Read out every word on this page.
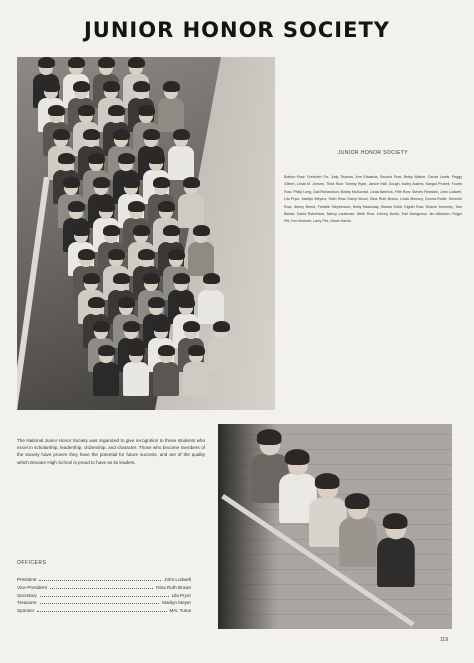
JUNIOR HONOR SOCIETY
JUNIOR HONOR SOCIETY
Bottom Row: Gretchen Orr, Judy Thomas, Ann Edwards, Second Row: Betsy Walker, Carole Lewis, Peggy Gilbert, Linda M. Jensen, Third Row: Tommy Ryan, Janice Hall, Gough, Kathy Adams, Margot Probell. Fourth Row: Philip Long, Gail Richardson, Bobby McDonald, Linda Bartnick, Fifth Row: Steven Reardon, John Ludwell, Lila Pryor, Marilyn Meyers. Sixth Row: Darryl Wood, Gina Ruth Brown, Linda Mercury, Donna Ruble. Seventh Row: Jimmy Breed, Freddie Stephenson, Betty Haskeday, Marian Kribb. Eighth Row: Sharon Kennedy, Tom Barker, David Robertson, Nancy Lautzman. Ninth Row: Johnny Burke, Earl Wangerow, Jim Atkinson, Roger Pitt, Ken Kroener, Larry Fite, Norris Harris.
The National Junior Honor Society was organized to give recognition to those students who excel in scholarship, leadership, citizenship, and character. Those who become members of the society have proven they have the potential for future success, and are of the quality which Decatur High School is proud to have as its leaders.
OFFICERS
President	John Ludwell
Vice-President	Nina Ruth Brown
Secretary	Lila Pryor
Treasurer	Marilyn Meyer
Sponsor	Mrs. Tutus
119
